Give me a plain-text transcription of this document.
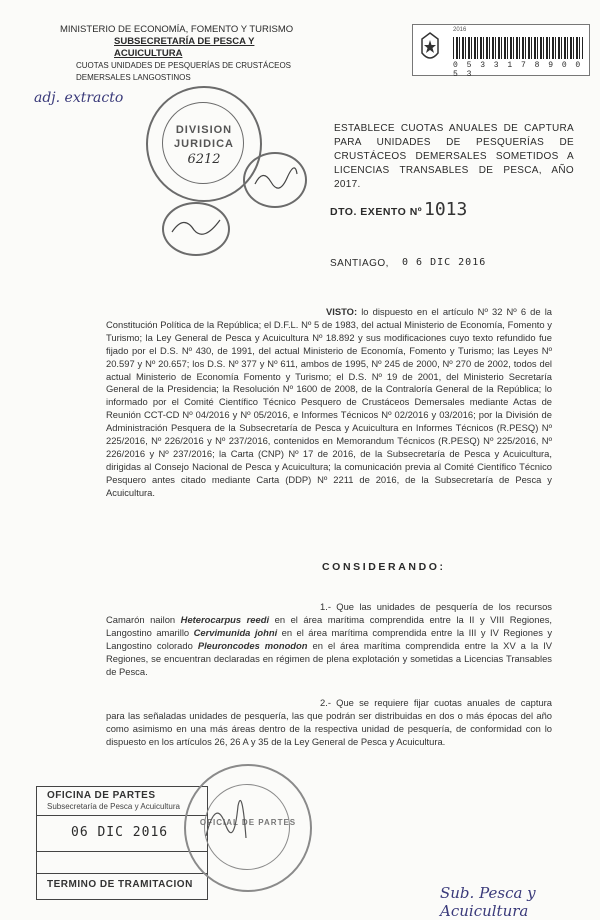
MINISTERIO DE ECONOMÍA, FOMENTO Y TURISMO
SUBSECRETARÍA DE PESCA Y
ACUICULTURA
CUOTAS UNIDADES DE PESQUERÍAS DE CRUSTÁCEOS
DEMERSALES LANGOSTINOS
2016
0 5 3 3 1 7 8 9 0 0 5 3
adj. extracto
DIVISION
JURIDICA
6212
ESTABLECE CUOTAS ANUALES DE CAPTURA PARA UNIDADES DE PESQUERÍAS DE CRUSTÁCEOS DEMERSALES SOMETIDOS A LICENCIAS TRANSABLES DE PESCA, AÑO 2017.
DTO. EXENTO Nº 1013
SANTIAGO, 0 6 DIC 2016
VISTO: lo dispuesto en el artículo Nº 32 Nº 6 de la Constitución Política de la República; el D.F.L. Nº 5 de 1983, del actual Ministerio de Economía, Fomento y Turismo; la Ley General de Pesca y Acuicultura Nº 18.892 y sus modificaciones cuyo texto refundido fue fijado por el D.S. Nº 430, de 1991, del actual Ministerio de Economía, Fomento y Turismo; las Leyes Nº 20.597 y Nº 20.657; los D.S. Nº 377 y Nº 611, ambos de 1995, Nº 245 de 2000, Nº 270 de 2002, todos del actual Ministerio de Economía Fomento y Turismo; el D.S. Nº 19 de 2001, del Ministerio Secretaría General de la Presidencia; la Resolución Nº 1600 de 2008, de la Contraloría General de la República; lo informado por el Comité Científico Técnico Pesquero de Crustáceos Demersales mediante Actas de Reunión CCT-CD Nº 04/2016 y Nº 05/2016, e Informes Técnicos Nº 02/2016 y 03/2016; por la División de Administración Pesquera de la Subsecretaría de Pesca y Acuicultura en Informes Técnicos (R.PESQ) Nº 225/2016, Nº 226/2016 y Nº 237/2016, contenidos en Memorandum Técnicos (R.PESQ) Nº 225/2016, Nº 226/2016 y Nº 237/2016; la Carta (CNP) Nº 17 de 2016, de la Subsecretaría de Pesca y Acuicultura, dirigidas al Consejo Nacional de Pesca y Acuicultura; la comunicación previa al Comité Científico Técnico Pesquero antes citado mediante Carta (DDP) Nº 2211 de 2016, de la Subsecretaría de Pesca y Acuicultura.
CONSIDERANDO:
1.- Que las unidades de pesquería de los recursos Camarón nailon Heterocarpus reedi en el área marítima comprendida entre la II y VIII Regiones, Langostino amarillo Cervimunida johni en el área marítima comprendida entre la III y IV Regiones y Langostino colorado Pleuroncodes monodon en el área marítima comprendida entre la XV a la IV Regiones, se encuentran declaradas en régimen de plena explotación y sometidas a Licencias Transables de Pesca.
2.- Que se requiere fijar cuotas anuales de captura para las señaladas unidades de pesquería, las que podrán ser distribuidas en dos o más épocas del año como asimismo en una más áreas dentro de la respectiva unidad de pesquería, de conformidad con lo dispuesto en los artículos 26, 26 A y 35 de la Ley General de Pesca y Acuicultura.
OFICINA DE PARTES
Subsecretaría de Pesca y Acuicultura
06 DIC 2016
TERMINO DE TRAMITACION
OFICIAL DE PARTES
Sub. Pesca y Acuicultura
